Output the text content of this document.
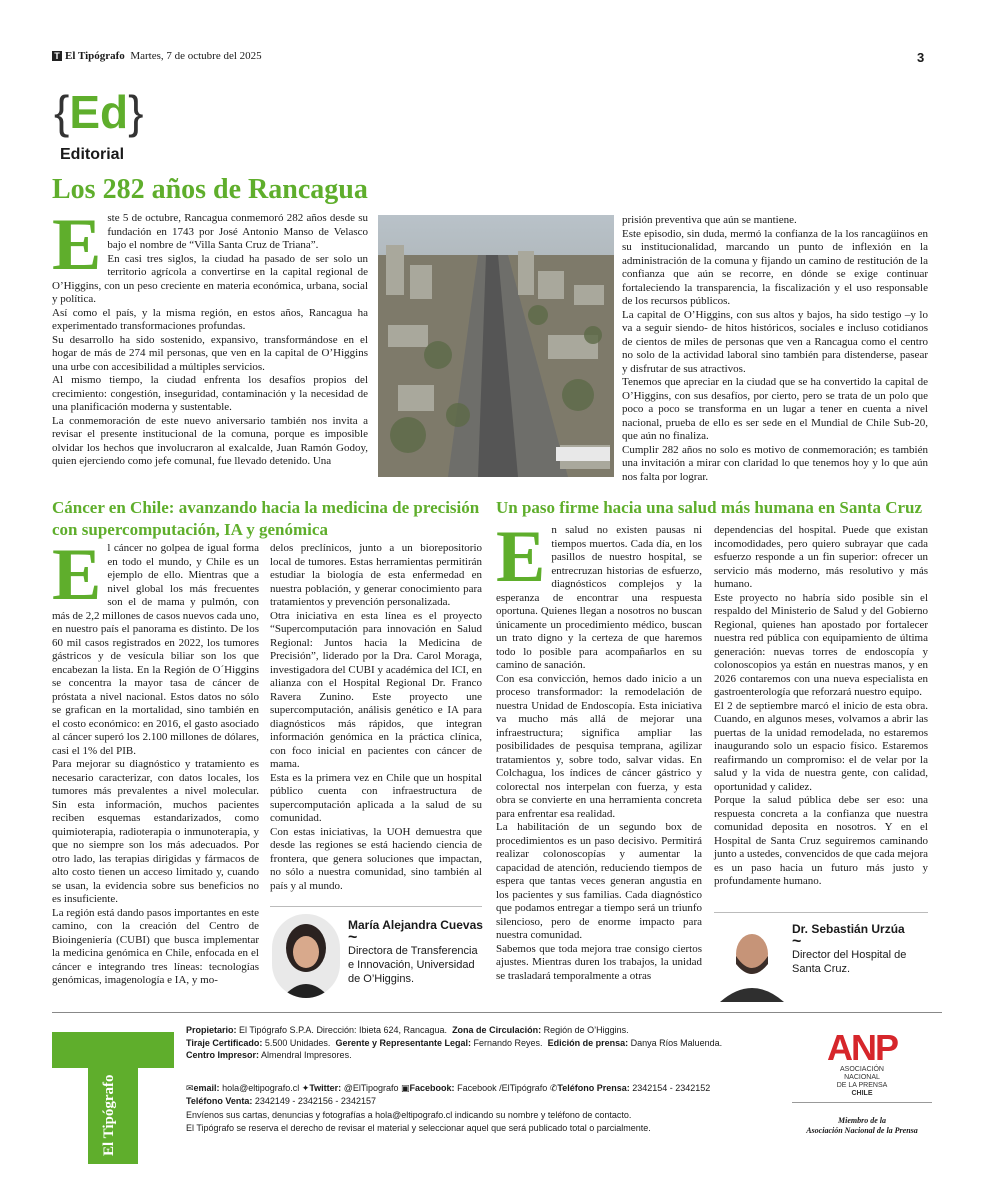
T El Tipógrafo Martes, 7 de octubre del 2025	3
{Ed}
Editorial
Los 282 años de Rancagua
E ste 5 de octubre, Rancagua conmemoró 282 años desde su fundación en 1743 por José Antonio Manso de Velasco bajo el nombre de “Villa Santa Cruz de Triana”.

En casi tres siglos, la ciudad ha pasado de ser solo un territorio agrícola a convertirse en la capital regional de O’Higgins, con un peso creciente en materia económica, urbana, social y política.

Así como el país, y la misma región, en estos años, Rancagua ha experimentado transformaciones profundas.

Su desarrollo ha sido sostenido, expansivo, transformándose en el hogar de más de 274 mil personas, que ven en la capital de O’Higgins una urbe con accesibilidad a múltiples servicios.

Al mismo tiempo, la ciudad enfrenta los desafíos propios del crecimiento: congestión, inseguridad, contaminación y la necesidad de una planificación moderna y sustentable.

La conmemoración de este nuevo aniversario también nos invita a revisar el presente institucional de la comuna, porque es imposible olvidar los hechos que involucraron al exalcalde, Juan Ramón Godoy, quien ejerciendo como jefe comunal, fue llevado detenido. Una

prisión preventiva que aún se mantiene.

Este episodio, sin duda, mermó la confianza de la los rancagüinos en su institucionalidad, marcando un punto de inflexión en la administración de la comuna y fijando un camino de restitución de la confianza que aún se recorre, en dónde se exige continuar fortaleciendo la transparencia, la fiscalización y el uso responsable de los recursos públicos.

La capital de O’Higgins, con sus altos y bajos, ha sido testigo –y lo va a seguir siendo- de hitos históricos, sociales e incluso cotidianos de cientos de miles de personas que ven a Rancagua como el centro no solo de la actividad laboral sino también para distenderse, pasear y disfrutar de sus atractivos.

Tenemos que apreciar en la ciudad que se ha convertido la capital de O’Higgins, con sus desafíos, por cierto, pero se trata de un polo que poco a poco se transforma en un lugar a tener en cuenta a nivel nacional, prueba de ello es ser sede en el Mundial de Chile Sub-20, que aún no finaliza.

Cumplir 282 años no solo es motivo de conmemoración; es también una invitación a mirar con claridad lo que tenemos hoy y lo que aún nos falta por lograr.

Cáncer en Chile: avanzando hacia la medicina de precisión con supercomputación, IA y genómica
E l cáncer no golpea de igual forma en todo el mundo, y Chile es un ejemplo de ello. Mientras que a nivel global los más frecuentes son el de mama y pulmón, con más de 2,2 millones de casos nuevos cada uno, en nuestro país el panorama es distinto. De los 60 mil casos registrados en 2022, los tumores gástricos y de vesícula biliar son los que encabezan la lista. En la Región de O´Higgins se concentra la mayor tasa de cáncer de próstata a nivel nacional. Estos datos no sólo se grafican en la mortalidad, sino también en el costo económico: en 2016, el gasto asociado al cáncer superó los 2.100 millones de dólares, casi el 1% del PIB.

Para mejorar su diagnóstico y tratamiento es necesario caracterizar, con datos locales, los tumores más prevalentes a nivel molecular. Sin esta información, muchos pacientes reciben esquemas estandarizados, como quimioterapia, radioterapia o inmunoterapia, y que no siempre son los más adecuados. Por otro lado, las terapias dirigidas y fármacos de alto costo tienen un acceso limitado y, cuando se usan, la evidencia sobre sus beneficios no es insuficiente.

La región está dando pasos importantes en este camino, con la creación del Centro de Bioingeniería (CUBI) que busca implementar la medicina genómica en Chile, enfocada en el cáncer e integrando tres líneas: tecnologías genómicas, imagenología e IA, y mo-

delos preclínicos, junto a un biorepositorio local de tumores. Estas herramientas permitirán estudiar la biología de esta enfermedad en nuestra población, y generar conocimiento para tratamientos y prevención personalizada.

Otra iniciativa en esta línea es el proyecto “Supercomputación para innovación en Salud Regional: Juntos hacia la Medicina de Precisión”, liderado por la Dra. Carol Moraga, investigadora del CUBI y académica del ICI, en alianza con el Hospital Regional Dr. Franco Ravera Zunino. Este proyecto une supercomputación, análisis genético e IA para diagnósticos más rápidos, que integran información genómica en la práctica clínica, con foco inicial en pacientes con cáncer de mama.

Esta es la primera vez en Chile que un hospital público cuenta con infraestructura de supercomputación aplicada a la salud de su comunidad.

Con estas iniciativas, la UOH demuestra que desde las regiones se está haciendo ciencia de frontera, que genera soluciones que impactan, no sólo a nuestra comunidad, sino también al país y al mundo.

María Alejandra Cuevas
~
Directora de Transferencia e Innovación, Universidad de O’Higgins.
Un paso firme hacia una salud más humana en Santa Cruz
E n salud no existen pausas ni tiempos muertos. Cada día, en los pasillos de nuestro hospital, se entrecruzan historias de esfuerzo, diagnósticos complejos y la esperanza de encontrar una respuesta oportuna. Quienes llegan a nosotros no buscan únicamente un procedimiento médico, buscan un trato digno y la certeza de que haremos todo lo posible para acompañarlos en su camino de sanación.

Con esa convicción, hemos dado inicio a un proceso transformador: la remodelación de nuestra Unidad de Endoscopía. Esta iniciativa va mucho más allá de mejorar una infraestructura; significa ampliar las posibilidades de pesquisa temprana, agilizar tratamientos y, sobre todo, salvar vidas. En Colchagua, los índices de cáncer gástrico y colorectal nos interpelan con fuerza, y esta obra se convierte en una herramienta concreta para enfrentar esa realidad.

La habilitación de un segundo box de procedimientos es un paso decisivo. Permitirá realizar colonoscopías y aumentar la capacidad de atención, reduciendo tiempos de espera que tantas veces generan angustia en los pacientes y sus familias. Cada diagnóstico que podamos entregar a tiempo será un triunfo silencioso, pero de enorme impacto para nuestra comunidad.

Sabemos que toda mejora trae consigo ciertos ajustes. Mientras duren los trabajos, la unidad se trasladará temporalmente a otras

dependencias del hospital. Puede que existan incomodidades, pero quiero subrayar que cada esfuerzo responde a un fin superior: ofrecer un servicio más moderno, más resolutivo y más humano.

Este proyecto no habría sido posible sin el respaldo del Ministerio de Salud y del Gobierno Regional, quienes han apostado por fortalecer nuestra red pública con equipamiento de última generación: nuevas torres de endoscopía y colonoscopios ya están en nuestras manos, y en 2026 contaremos con una nueva especialista en gastroenterología que reforzará nuestro equipo.

El 2 de septiembre marcó el inicio de esta obra. Cuando, en algunos meses, volvamos a abrir las puertas de la unidad remodelada, no estaremos inaugurando solo un espacio físico. Estaremos reafirmando un compromiso: el de velar por la salud y la vida de nuestra gente, con calidad, oportunidad y calidez.

Porque la salud pública debe ser eso: una respuesta concreta a la confianza que nuestra comunidad deposita en nosotros. Y en el Hospital de Santa Cruz seguiremos caminando junto a ustedes, convencidos de que cada mejora es un paso hacia un futuro más justo y profundamente humano.

Dr. Sebastián Urzúa
~
Director del Hospital de Santa Cruz.
El Tipógrafo
Propietario: El Tipógrafo S.P.A. Dirección: Ibieta 624, Rancagua. Zona de Circulación: Región de O’Higgins.
Tiraje Certificado: 5.500 Unidades. Gerente y Representante Legal: Fernando Reyes. Edición de prensa: Danya Ríos Maluenda.
Centro Impresor: Almendral Impresores.
✉email: hola@eltipografo.cl ✦Twitter: @ElTipografo ▣Facebook: Facebook /ElTipógrafo ✆Teléfono Prensa: 2342154 - 2342152
Teléfono Venta: 2342149 - 2342156 - 2342157
Envíenos sus cartas, denuncias y fotografías a hola@eltipografo.cl indicando su nombre y teléfono de contacto.
El Tipógrafo se reserva el derecho de revisar el material y seleccionar aquel que será publicado total o parcialmente.
ANP
ASOCIACIÓN
NACIONAL
DE LA PRENSA
CHILE
Miembro de la
Asociación Nacional de la Prensa
